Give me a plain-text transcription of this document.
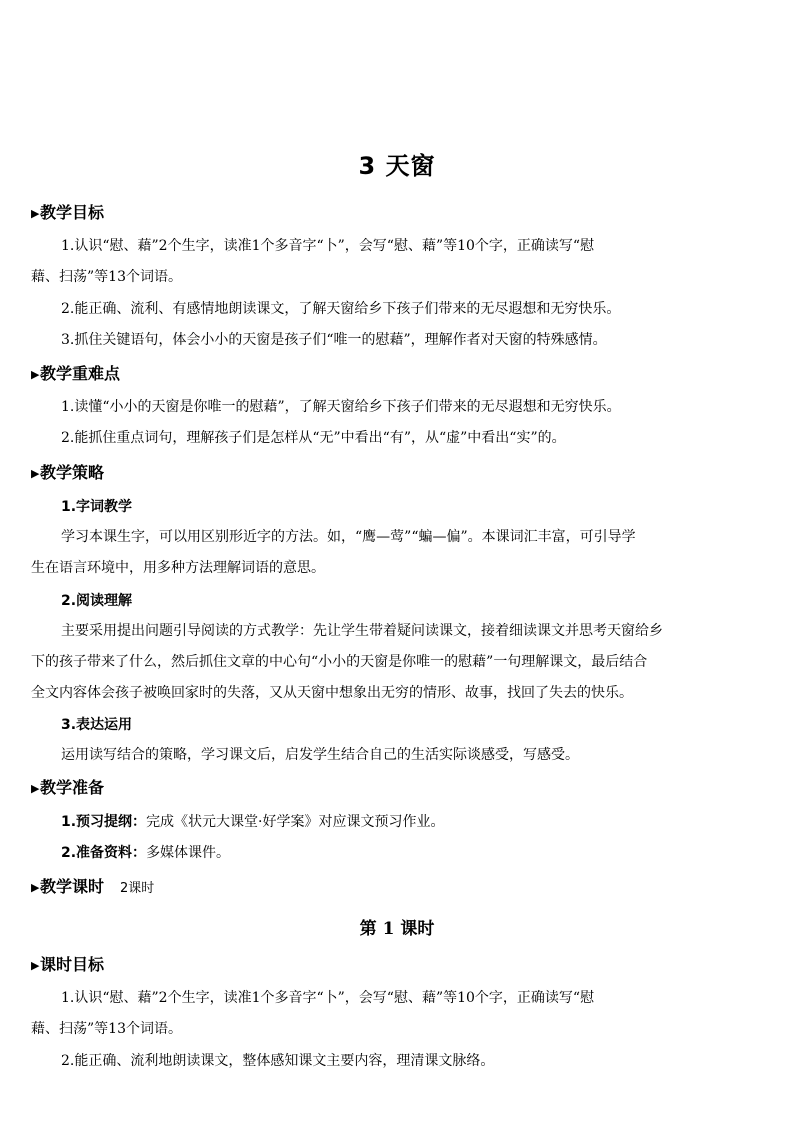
3 天窗
▶教学目标
1.认识“慰、藉”2个生字，读准1个多音字“卜”，会写“慰、藉”等10个字，正确读写“慰
藉、扫荡”等13个词语。
2.能正确、流利、有感情地朗读课文，了解天窗给乡下孩子们带来的无尽遐想和无穷快乐。
3.抓住关键语句，体会小小的天窗是孩子们“唯一的慰藉”，理解作者对天窗的特殊感情。
▶教学重难点
1.读懂“小小的天窗是你唯一的慰藉”，了解天窗给乡下孩子们带来的无尽遐想和无穷快乐。
2.能抓住重点词句，理解孩子们是怎样从“无”中看出“有”，从“虚”中看出“实”的。
▶教学策略
1.字词教学
学习本课生字，可以用区别形近字的方法。如，“鹰—莺”“蝙—偏”。本课词汇丰富，可引导学
生在语言环境中，用多种方法理解词语的意思。
2.阅读理解
主要采用提出问题引导阅读的方式教学：先让学生带着疑问读课文，接着细读课文并思考天窗给乡
下的孩子带来了什么，然后抓住文章的中心句“小小的天窗是你唯一的慰藉”一句理解课文，最后结合
全文内容体会孩子被唤回家时的失落，又从天窗中想象出无穷的情形、故事，找回了失去的快乐。
3.表达运用
运用读写结合的策略，学习课文后，启发学生结合自己的生活实际谈感受，写感受。
▶教学准备
1.预习提纲：完成《状元大课堂·好学案》对应课文预习作业。
2.准备资料：多媒体课件。
▶教学课时 2课时
第 1 课时
▶课时目标
1.认识“慰、藉”2个生字，读准1个多音字“卜”，会写“慰、藉”等10个字，正确读写“慰
藉、扫荡”等13个词语。
2.能正确、流利地朗读课文，整体感知课文主要内容，理清课文脉络。
